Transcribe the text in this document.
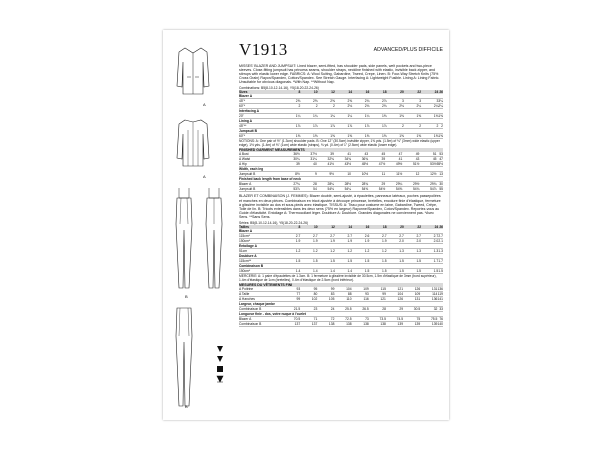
A
A
B
B
V1913	ADVANCED/PLUS DIFFICILE
MISSES' BLAZER AND JUMPSUIT: Lined blazer, semi-fitted, has shoulder pads, side panels, welt pockets and two-piece sleeves. Close-fitting jumpsuit has princess seams, shoulder straps, neckline finished with elastic, invisible back zipper, and stirrups with elastic lower edge. FABRICS: A: Wool Suiting, Gabardine, Tweed, Crepe, Linen. B: Four-Way Stretch Knits (75% Cross Grain) Rayon/Spandex, Cotton/Spandex. See Stretch Gauge. Interfacing A: Lightweight Fusible. Lining A: Lining Fabric. Unsuitable for obvious diagonals. *With Nap. **Without Nap.
Combinations: B5(8-10-12-14-16), Y5(18-20-22-24-26)
Sizes	8	10	12	14	16	18	20	22	24	26
Blazer A										
45"*	2⅝	2⅝	2⅝	2⅝	2¾	2⅞	3	3	3	3¼
60"*	2	2	2	2⅛	2⅛	2⅛	2⅛	2¼	2¼	2¼
Interfacing A										
20"	1¼	1¼	1¼	1¼	1¼	1⅜	1⅜	1⅜	1⅜	1⅜
Lining A										
45"**	1⅞	1⅞	1⅞	1⅞	1⅞	1⅞	2	2	2	2
Jumpsuit B										
60"*	1⅝	1⅝	1⅝	1⅝	1⅝	1⅝	1⅝	1⅝	1⅝	1⅝
NOTIONS: A: One pair of ½" (1.3cm) shoulder pads. B: One 12" (30.5cm) invisible zipper, 1⅝ yds. (1.5m) of ⅛" (3mm) wide elastic (upper edge), 1½ yds. (1.4m) of ⅜" (1cm) wide elastic (straps), ⅜ yd. (0.4m) of 1" (2.5cm) wide elastic (lower edge).
FINISHED GARMENT MEASUREMENTS
A Bust	36½	37½	39	41	43	45	47	49	51	53
A Waist	30¼	31¼	32¾	34¾	36¾	39	41	43	45	47
A Hip	39	40	41½	43½	45½	47½	49½	51½	53½	55½
Width, each leg										
Jumpsuit B	8½	9	9½	10	10½	11	11½	12	12½	13
Finished back length from base of neck										
Blazer A	27¾	28	28¼	28½	28¾	29	29¼	29½	29¾	30
Jumpsuit B	53⅞	54	54⅛	54¼	54⅜	54½	54⅝	54¾	54⅞	55
BLAZER ET COMBINAISON (J. FEMMES): Blazer doublé, semi-ajusté, à épaulettes, panneaux latéraux, poches passepoilées et manches en deux pièces. Combinaison en tricot ajustée à découpe princesse, bretelles, encolure finie d'élastique, fermeture à glissière invisible au dos et sous-pieds avec élastique. TISSUS: A: Tissu pour costume en laine, Gabardine, Tweed, Crêpe, Toile de lin. B: Tricots extensibles dans les deux sens (75% en largeur) Rayonne/Spandex, Coton/Spandex. Reportez-vous au Guide d'élasticité. Entoilage A: Thermocollant léger. Doublure A: Doublure. Grandes diagonales ne conviennent pas. *Avec Sens. **Sans Sens.
Séries: B5(8-10-12-14-16), Y5(18-20-22-24-26)
Tailles	8	10	12	14	16	18	20	22	24	26
Blazer A										
115cm*	2.7	2.7	2.7	2.7	2.6	2.7	2.7	2.7	2.7	2.7
150cm*	1.9	1.9	1.9	1.9	1.9	1.9	2.0	2.0	2.0	2.1
Entoilage A										
51cm	1.2	1.2	1.2	1.2	1.2	1.2	1.3	1.3	1.3	1.3
Doublure A										
115cm**	1.5	1.5	1.5	1.5	1.5	1.5	1.5	1.5	1.7	1.7
Combinaison B										
150cm*	1.4	1.4	1.4	1.4	1.5	1.5	1.5	1.5	1.5	1.5
MERCERIE: A: 1 paire d'épaulettes de 1.3cm. B: 1 fermeture à glissière invisible de 30.5cm, 1.5m d'élastique de 3mm (bord supérieur), 1.4m d'élastique de 1cm (bretelles), 0.4m d'élastique de 2.5cm (bord inférieur).
MESURES DU VÊTEMENTS FINI
A Poitrine	93	95	99	104	109	115	121	126	131	136
A Taille	77	80	83	88	93	99	104	109	114	119
A Hanches	99	102	105	110	116	121	126	131	136	141
Largeur, chaque jambe										
Combinaison B	21.5	23	24	25.5	26.5	28	29	30.5	32	33
Longueur finie - dos, votre nuque à l'ourlet										
Blazer A	70.5	71	72	72.5	73	73.5	74.5	75	75.5	76
Combinaison B	137	137	138	138	138	138	139	139	139	140
